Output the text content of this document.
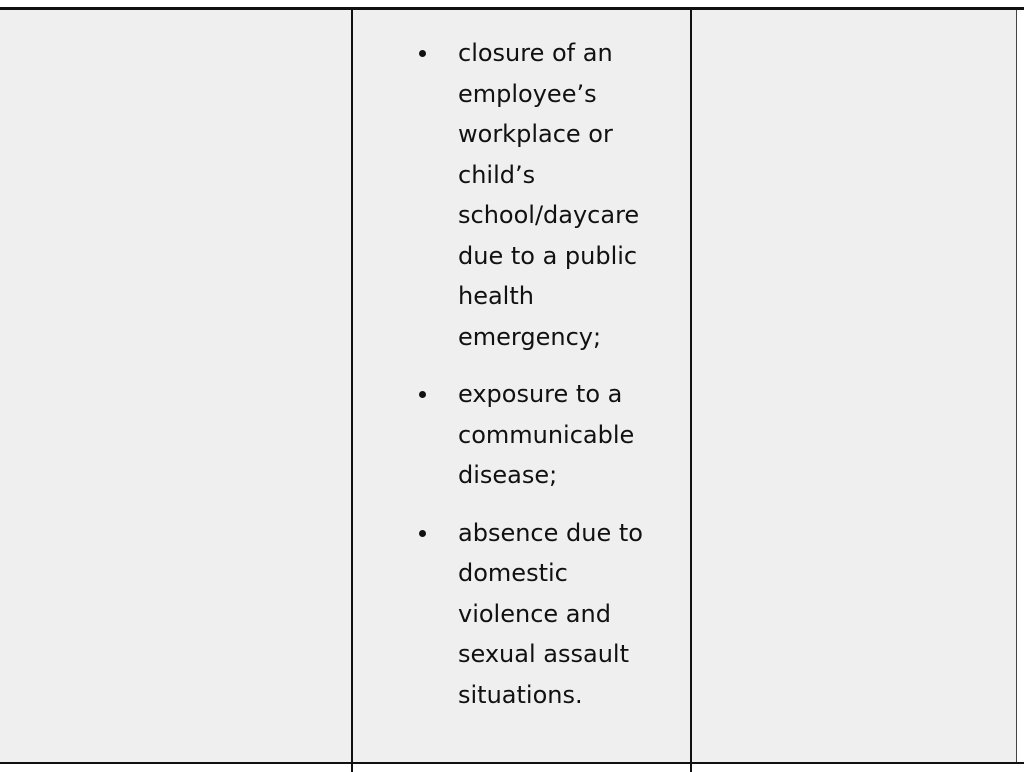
closure of an
employee’s
workplace or
child’s
school/daycare
due to a public
health
emergency;
exposure to a
communicable
disease;
absence due to
domestic
violence and
sexual assault
situations.
